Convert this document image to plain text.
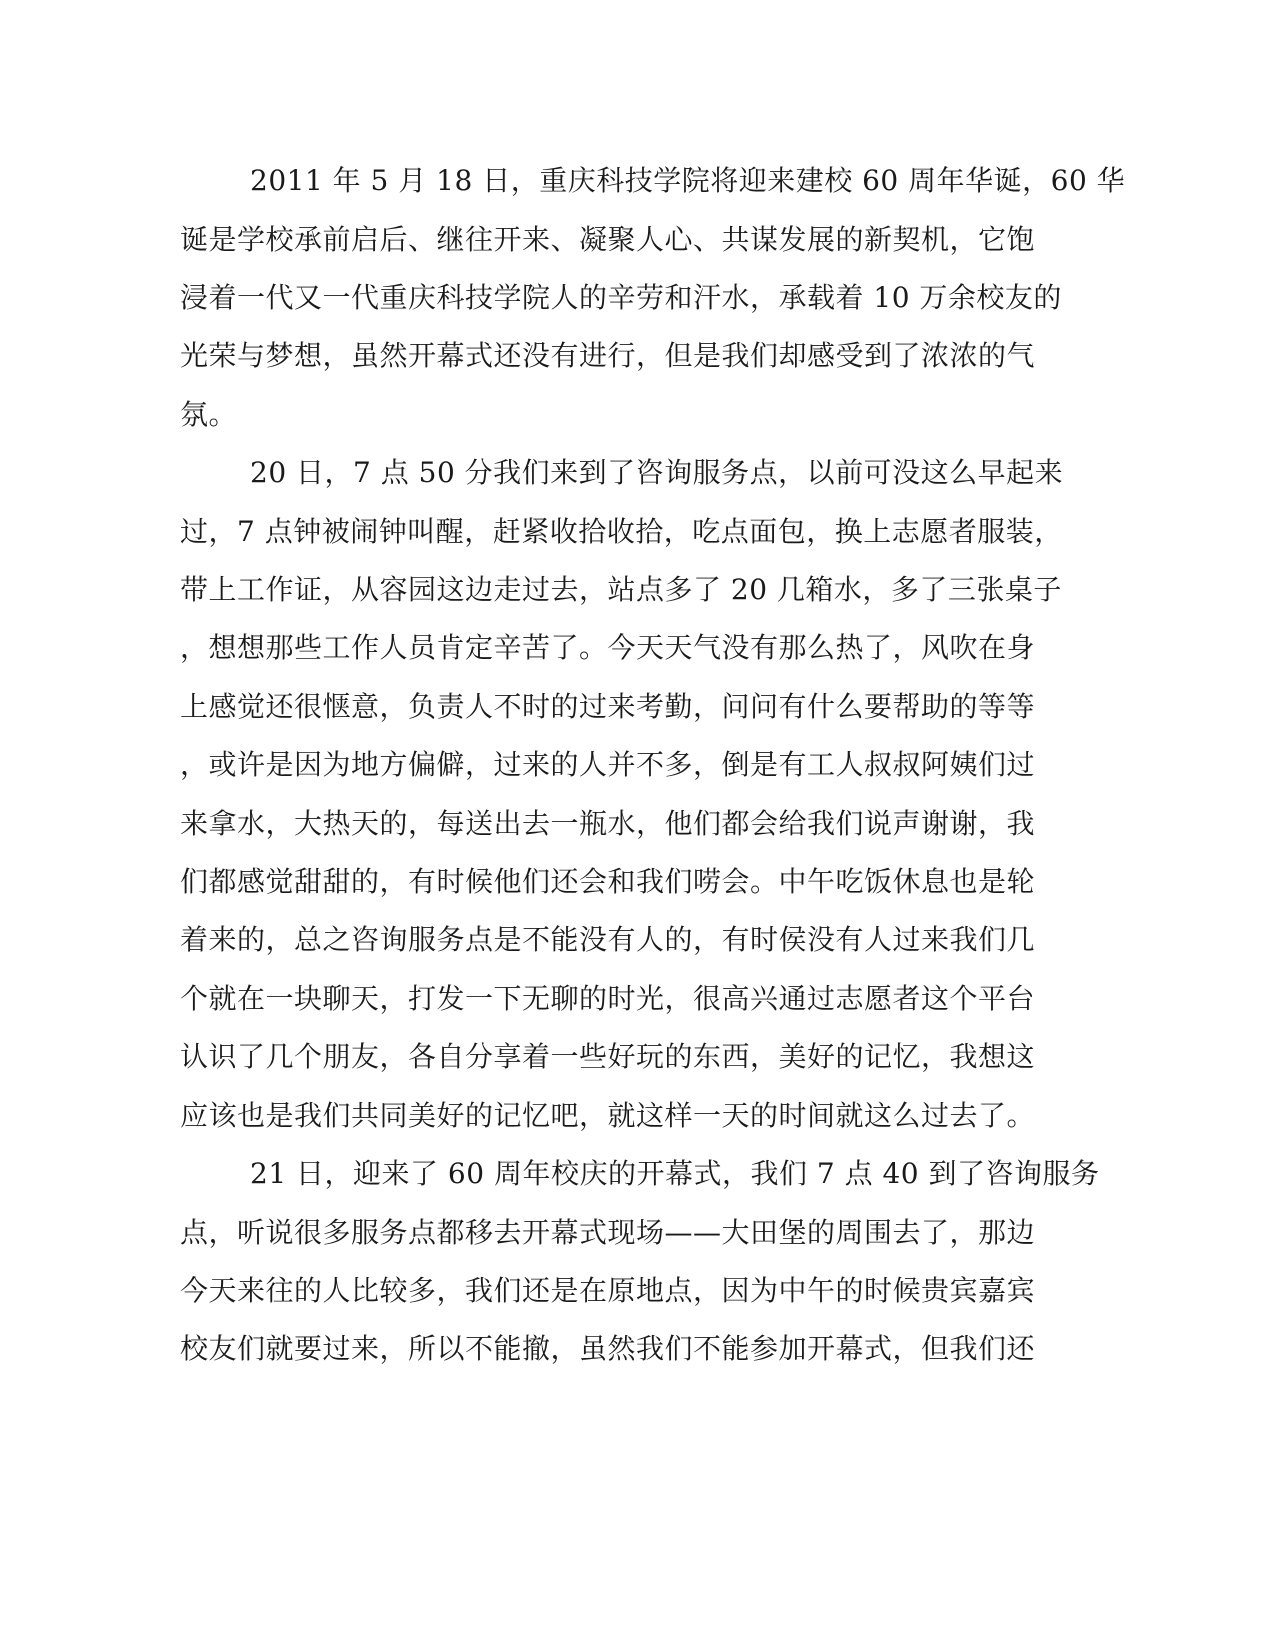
2011 年 5 月 18 日，重庆科技学院将迎来建校 60 周年华诞，60 华
诞是学校承前启后、继往开来、凝聚人心、共谋发展的新契机，它饱
浸着一代又一代重庆科技学院人的辛劳和汗水，承载着 10 万余校友的
光荣与梦想，虽然开幕式还没有进行，但是我们却感受到了浓浓的气
氛。
20 日，7 点 50 分我们来到了咨询服务点，以前可没这么早起来
过，7 点钟被闹钟叫醒，赶紧收拾收拾，吃点面包，换上志愿者服装，
带上工作证，从容园这边走过去，站点多了 20 几箱水，多了三张桌子
，想想那些工作人员肯定辛苦了。今天天气没有那么热了，风吹在身
上感觉还很惬意，负责人不时的过来考勤，问问有什么要帮助的等等
，或许是因为地方偏僻，过来的人并不多，倒是有工人叔叔阿姨们过
来拿水，大热天的，每送出去一瓶水，他们都会给我们说声谢谢，我
们都感觉甜甜的，有时候他们还会和我们唠会。中午吃饭休息也是轮
着来的，总之咨询服务点是不能没有人的，有时侯没有人过来我们几
个就在一块聊天，打发一下无聊的时光，很高兴通过志愿者这个平台
认识了几个朋友，各自分享着一些好玩的东西，美好的记忆，我想这
应该也是我们共同美好的记忆吧，就这样一天的时间就这么过去了。
21 日，迎来了 60 周年校庆的开幕式，我们 7 点 40 到了咨询服务
点，听说很多服务点都移去开幕式现场——大田堡的周围去了，那边
今天来往的人比较多，我们还是在原地点，因为中午的时候贵宾嘉宾
校友们就要过来，所以不能撤，虽然我们不能参加开幕式，但我们还
